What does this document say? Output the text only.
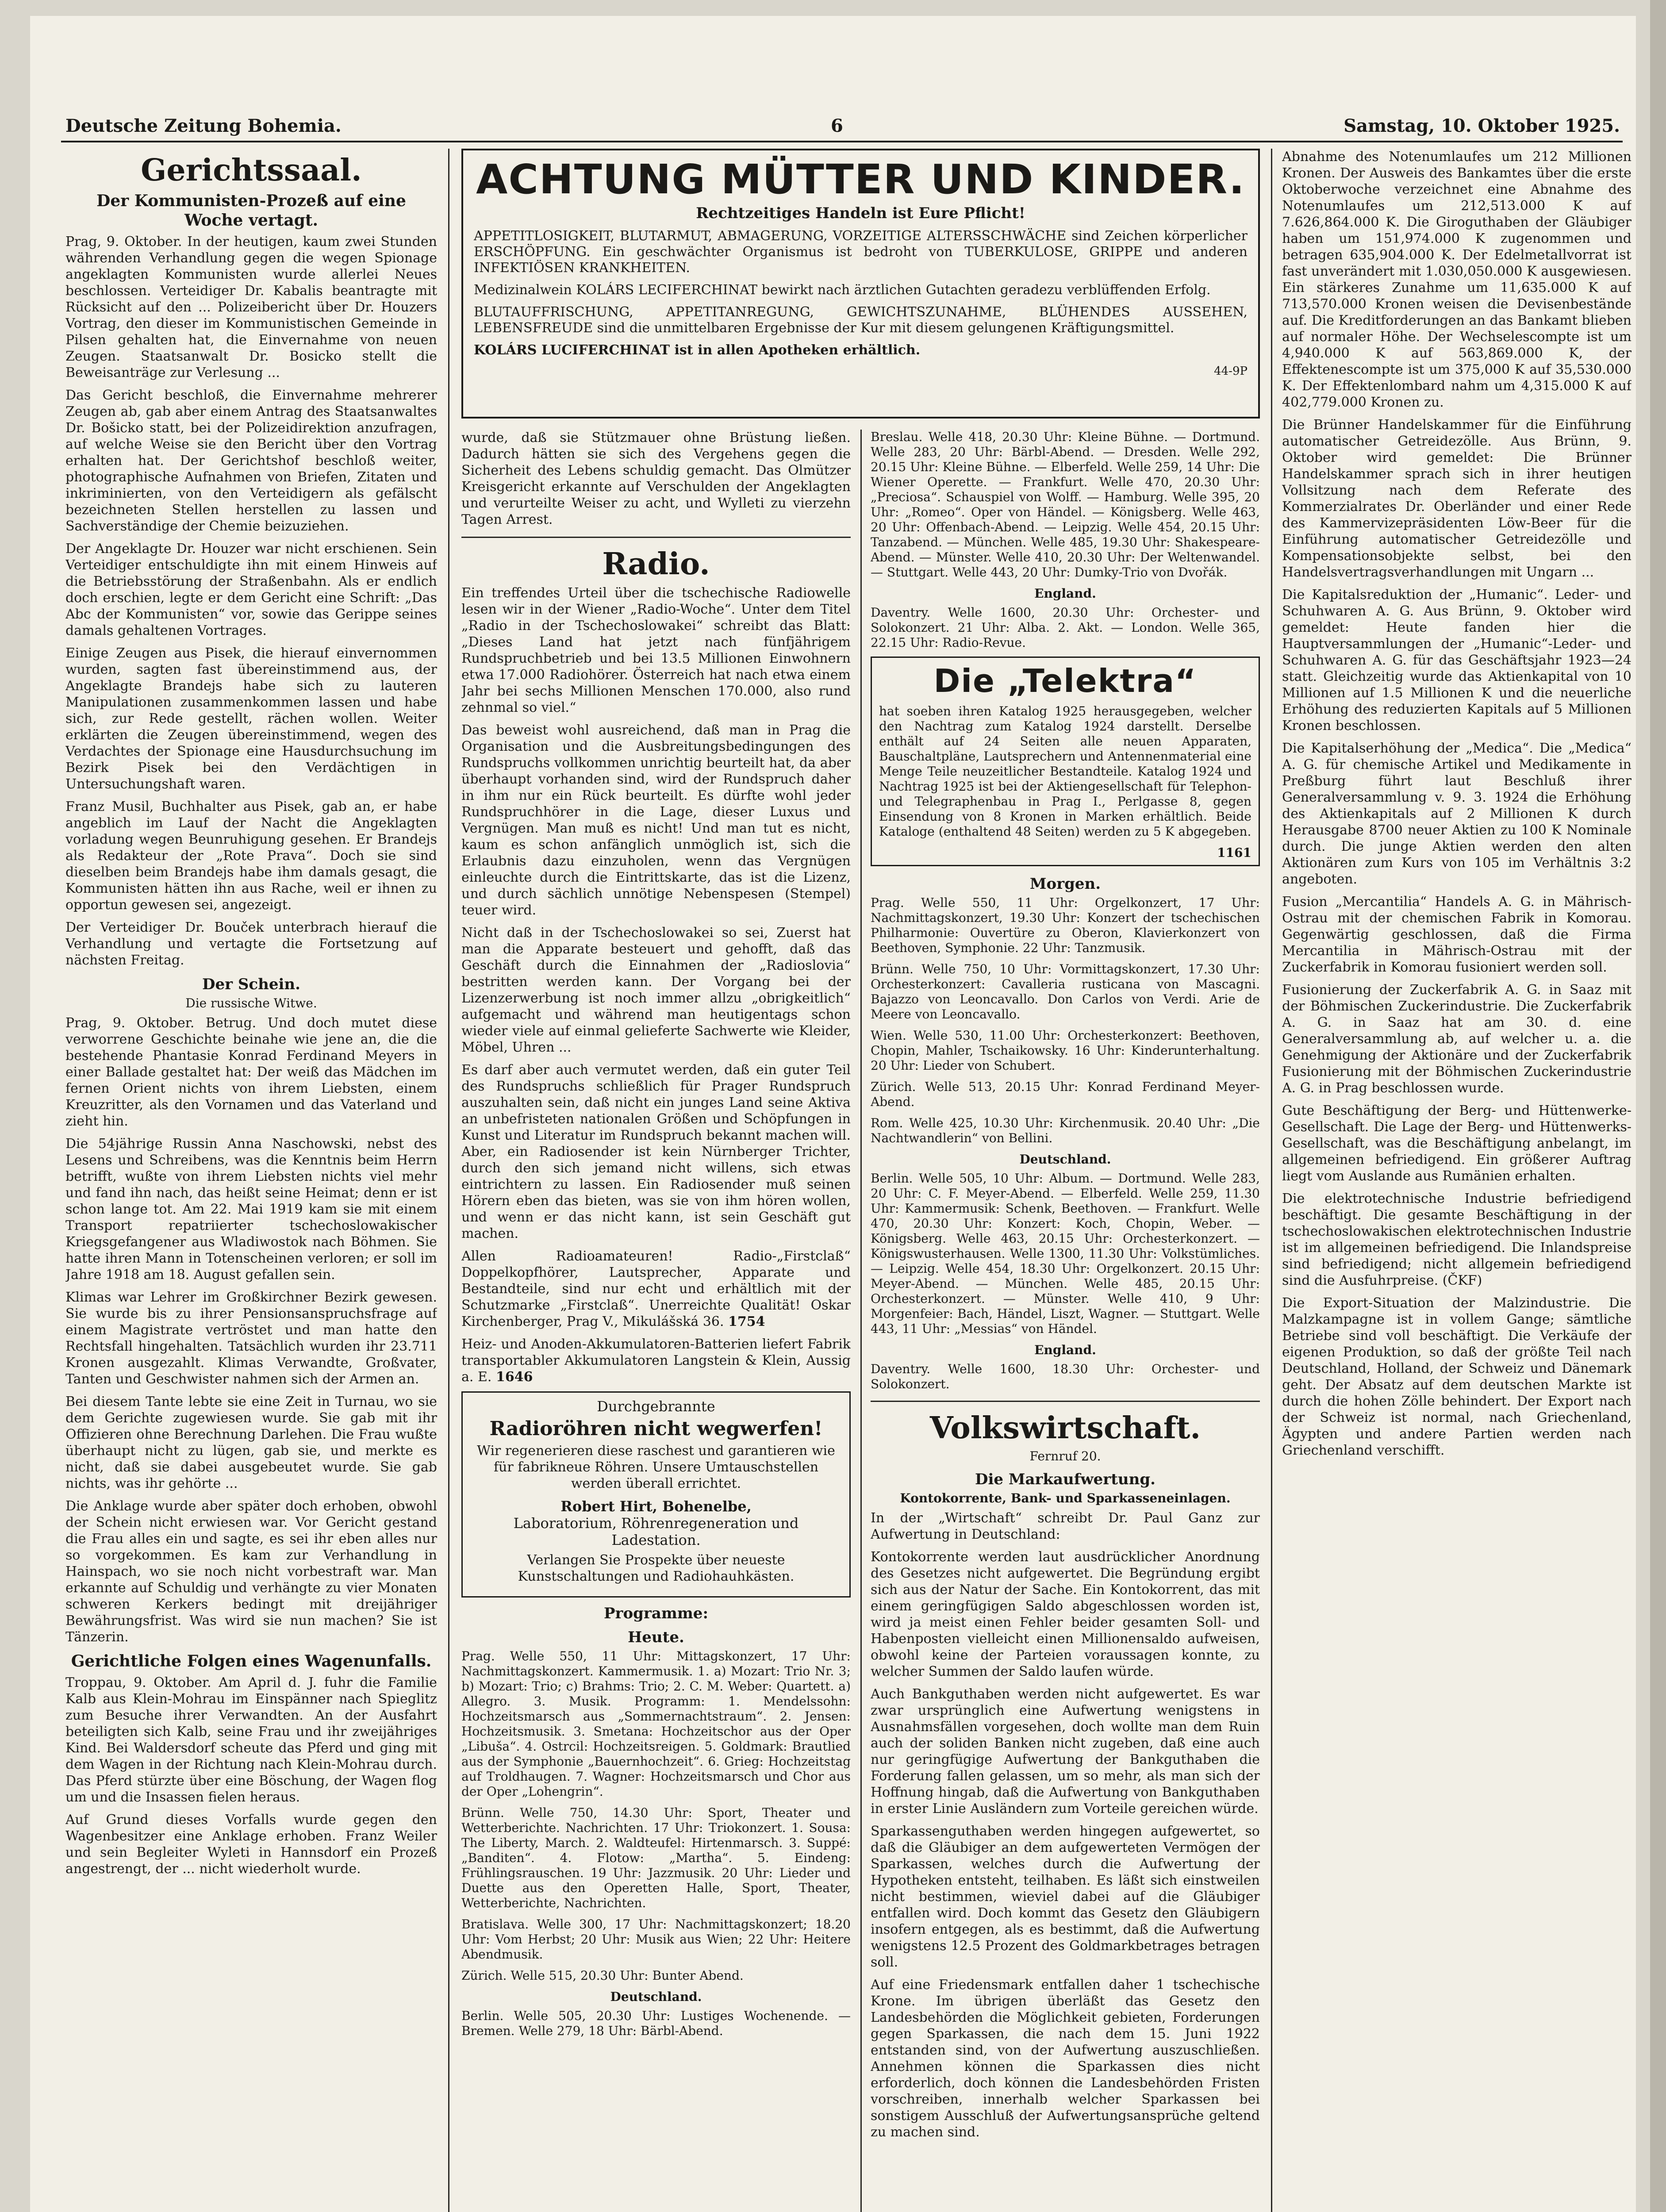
Deutsche Zeitung Bohemia.	6	Samstag, 10. Oktober 1925.
Gerichtssaal.
Der Kommunisten-Prozeß auf eine Woche vertagt.

Prag, 9. Oktober. In der heutigen, kaum zwei Stunden währenden Verhandlung gegen die wegen Spionage angeklagten Kommunisten wurde allerlei Neues beschlossen. Verteidiger Dr. Kabalis beantragte mit Rücksicht auf den ... Polizeibericht über Dr. Houzers Vortrag, den dieser im Kommunistischen Gemeinde in Pilsen gehalten hat, die Einvernahme von neuen Zeugen. Staatsanwalt Dr. Bosicko stellt die Beweisanträge zur Verlesung ...

Das Gericht beschloß, die Einvernahme mehrerer Zeugen ab, gab aber einem Antrag des Staatsanwaltes Dr. Bošicko statt, bei der Polizeidirektion anzufragen, auf welche Weise sie den Bericht über den Vortrag erhalten hat. Der Gerichtshof beschloß weiter, photographische Aufnahmen von Briefen, Zitaten und inkriminierten, von den Verteidigern als gefälscht bezeichneten Stellen herstellen zu lassen und Sachverständige der Chemie beizuziehen.

Der Angeklagte Dr. Houzer war nicht erschienen. Sein Verteidiger entschuldigte ihn mit einem Hinweis auf die Betriebsstörung der Straßenbahn. Als er endlich doch erschien, legte er dem Gericht eine Schrift: „Das Abc der Kommunisten“ vor, sowie das Gerippe seines damals gehaltenen Vortrages.

Einige Zeugen aus Pisek, die hierauf einvernommen wurden, sagten fast übereinstimmend aus, der Angeklagte Brandejs habe sich zu lauteren Manipulationen zusammenkommen lassen und habe sich, zur Rede gestellt, rächen wollen. Weiter erklärten die Zeugen übereinstimmend, wegen des Verdachtes der Spionage eine Hausdurchsuchung im Bezirk Pisek bei den Verdächtigen in Untersuchungshaft waren.

Franz Musil, Buchhalter aus Pisek, gab an, er habe angeblich im Lauf der Nacht die Angeklagten vorladung wegen Beunruhigung gesehen. Er Brandejs als Redakteur der „Rote Prava“. Doch sie sind dieselben beim Brandejs habe ihm damals gesagt, die Kommunisten hätten ihn aus Rache, weil er ihnen zu opportun gewesen sei, angezeigt.

Der Verteidiger Dr. Bouček unterbrach hierauf die Verhandlung und vertagte die Fortsetzung auf nächsten Freitag.

Der Schein.
Die russische Witwe.

Prag, 9. Oktober. Betrug. Und doch mutet diese verworrene Geschichte beinahe wie jene an, die die bestehende Phantasie Konrad Ferdinand Meyers in einer Ballade gestaltet hat: Der weiß das Mädchen im fernen Orient nichts von ihrem Liebsten, einem Kreuzritter, als den Vornamen und das Vaterland und zieht hin.

Die 54jährige Russin Anna Naschowski, nebst des Lesens und Schreibens, was die Kenntnis beim Herrn betrifft, wußte von ihrem Liebsten nichts viel mehr und fand ihn nach, das heißt seine Heimat; denn er ist schon lange tot. Am 22. Mai 1919 kam sie mit einem Transport repatriierter tschechoslowakischer Kriegsgefangener aus Wladiwostok nach Böhmen. Sie hatte ihren Mann in Totenscheinen verloren; er soll im Jahre 1918 am 18. August gefallen sein.

Klimas war Lehrer im Großkirchner Bezirk gewesen. Sie wurde bis zu ihrer Pensionsanspruchsfrage auf einem Magistrate vertröstet und man hatte den Rechtsfall hingehalten. Tatsächlich wurden ihr 23.711 Kronen ausgezahlt. Klimas Verwandte, Großvater, Tanten und Geschwister nahmen sich der Armen an.

Bei diesem Tante lebte sie eine Zeit in Turnau, wo sie dem Gerichte zugewiesen wurde. Sie gab mit ihr Offizieren ohne Berechnung Darlehen. Die Frau wußte überhaupt nicht zu lügen, gab sie, und merkte es nicht, daß sie dabei ausgebeutet wurde. Sie gab nichts, was ihr gehörte ...

Die Anklage wurde aber später doch erhoben, obwohl der Schein nicht erwiesen war. Vor Gericht gestand die Frau alles ein und sagte, es sei ihr eben alles nur so vorgekommen. Es kam zur Verhandlung in Hainspach, wo sie noch nicht vorbestraft war. Man erkannte auf Schuldig und verhängte zu vier Monaten schweren Kerkers bedingt mit dreijähriger Bewährungsfrist. Was wird sie nun machen? Sie ist Tänzerin.

Gerichtliche Folgen eines Wagenunfalls.

Troppau, 9. Oktober. Am April d. J. fuhr die Familie Kalb aus Klein-Mohrau im Einspänner nach Spieglitz zum Besuche ihrer Verwandten. An der Ausfahrt beteiligten sich Kalb, seine Frau und ihr zweijähriges Kind. Bei Waldersdorf scheute das Pferd und ging mit dem Wagen in der Richtung nach Klein-Mohrau durch. Das Pferd stürzte über eine Böschung, der Wagen flog um und die Insassen fielen heraus.

Auf Grund dieses Vorfalls wurde gegen den Wagenbesitzer eine Anklage erhoben. Franz Weiler und sein Begleiter Wyleti in Hannsdorf ein Prozeß angestrengt, der ... nicht wiederholt wurde.

ACHTUNG MÜTTER UND KINDER.
Rechtzeitiges Handeln ist Eure Pflicht!

APPETITLOSIGKEIT, BLUTARMUT, ABMAGERUNG, VORZEITIGE ALTERSSCHWÄCHE sind Zeichen körperlicher ERSCHÖPFUNG. Ein geschwächter Organismus ist bedroht von TUBERKULOSE, GRIPPE und anderen INFEKTIÖSEN KRANKHEITEN.

Medizinalwein KOLÁRS LECIFERCHINAT bewirkt nach ärztlichen Gutachten geradezu verblüffenden Erfolg.

BLUTAUFFRISCHUNG, APPETITANREGUNG, GEWICHTSZUNAHME, BLÜHENDES AUSSEHEN, LEBENSFREUDE sind die unmittelbaren Ergebnisse der Kur mit diesem gelungenen Kräftigungsmittel.

KOLÁRS LUCIFERCHINAT ist in allen Apotheken erhältlich.

44-9P

wurde, daß sie Stützmauer ohne Brüstung ließen. Dadurch hätten sie sich des Vergehens gegen die Sicherheit des Lebens schuldig gemacht. Das Olmützer Kreisgericht erkannte auf Verschulden der Angeklagten und verurteilte Weiser zu acht, und Wylleti zu vierzehn Tagen Arrest.

Radio.

Ein treffendes Urteil über die tschechische Radiowelle lesen wir in der Wiener „Radio-Woche“. Unter dem Titel „Radio in der Tschechoslowakei“ schreibt das Blatt: „Dieses Land hat jetzt nach fünfjährigem Rundspruchbetrieb und bei 13.5 Millionen Einwohnern etwa 17.000 Radiohörer. Österreich hat nach etwa einem Jahr bei sechs Millionen Menschen 170.000, also rund zehnmal so viel.“

Das beweist wohl ausreichend, daß man in Prag die Organisation und die Ausbreitungsbedingungen des Rundspruchs vollkommen unrichtig beurteilt hat, da aber überhaupt vorhanden sind, wird der Rundspruch daher in ihm nur ein Rück beurteilt. Es dürfte wohl jeder Rundspruchhörer in die Lage, dieser Luxus und Vergnügen. Man muß es nicht! Und man tut es nicht, kaum es schon anfänglich unmöglich ist, sich die Erlaubnis dazu einzuholen, wenn das Vergnügen einleuchte durch die Eintrittskarte, das ist die Lizenz, und durch sächlich unnötige Nebenspesen (Stempel) teuer wird.

Nicht daß in der Tschechoslowakei so sei, Zuerst hat man die Apparate besteuert und gehofft, daß das Geschäft durch die Einnahmen der „Radioslovia“ bestritten werden kann. Der Vorgang bei der Lizenzerwerbung ist noch immer allzu „obrigkeitlich“ aufgemacht und während man heutigentags schon wieder viele auf einmal gelieferte Sachwerte wie Kleider, Möbel, Uhren ...

Es darf aber auch vermutet werden, daß ein guter Teil des Rundspruchs schließlich für Prager Rundspruch auszuhalten sein, daß nicht ein junges Land seine Aktiva an unbefristeten nationalen Größen und Schöpfungen in Kunst und Literatur im Rundspruch bekannt machen will. Aber, ein Radiosender ist kein Nürnberger Trichter, durch den sich jemand nicht willens, sich etwas eintrichtern zu lassen. Ein Radiosender muß seinen Hörern eben das bieten, was sie von ihm hören wollen, und wenn er das nicht kann, ist sein Geschäft gut machen.

Allen Radioamateuren! Radio-„Firstclaß“ Doppelkopfhörer, Lautsprecher, Apparate und Bestandteile, sind nur echt und erhältlich mit der Schutzmarke „Firstclaß“. Unerreichte Qualität! Oskar Kirchenberger, Prag V., Mikulášská 36. 1754

Heiz- und Anoden-Akkumulatoren-Batterien liefert Fabrik transportabler Akkumulatoren Langstein & Klein, Aussig a. E. 1646

Durchgebrannte
Radioröhren nicht wegwerfen!

Wir regenerieren diese raschest und garantieren wie für fabrikneue Röhren. Unsere Umtauschstellen werden überall errichtet.

Robert Hirt, Bohenelbe,
Laboratorium, Röhrenregeneration und Ladestation.

Verlangen Sie Prospekte über neueste Kunstschaltungen und Radiohauhkästen.

Programme:
Heute.

Prag. Welle 550, 11 Uhr: Mittagskonzert, 17 Uhr: Nachmittagskonzert. Kammermusik. 1. a) Mozart: Trio Nr. 3; b) Mozart: Trio; c) Brahms: Trio; 2. C. M. Weber: Quartett. a) Allegro. 3. Musik. Programm: 1. Mendelssohn: Hochzeitsmarsch aus „Sommernachtstraum“. 2. Jensen: Hochzeitsmusik. 3. Smetana: Hochzeitschor aus der Oper „Libuša“. 4. Ostrcil: Hochzeitsreigen. 5. Goldmark: Brautlied aus der Symphonie „Bauernhochzeit“. 6. Grieg: Hochzeitstag auf Troldhaugen. 7. Wagner: Hochzeitsmarsch und Chor aus der Oper „Lohengrin“.

Brünn. Welle 750, 14.30 Uhr: Sport, Theater und Wetterberichte. Nachrichten. 17 Uhr: Triokonzert. 1. Sousa: The Liberty, March. 2. Waldteufel: Hirtenmarsch. 3. Suppé: „Banditen“. 4. Flotow: „Martha“. 5. Eindeng: Frühlingsrauschen. 19 Uhr: Jazzmusik. 20 Uhr: Lieder und Duette aus den Operetten Halle, Sport, Theater, Wetterberichte, Nachrichten.

Bratislava. Welle 300, 17 Uhr: Nachmittagskonzert; 18.20 Uhr: Vom Herbst; 20 Uhr: Musik aus Wien; 22 Uhr: Heitere Abendmusik.

Zürich. Welle 515, 20.30 Uhr: Bunter Abend.

Deutschland.

Berlin. Welle 505, 20.30 Uhr: Lustiges Wochenende. — Bremen. Welle 279, 18 Uhr: Bärbl-Abend.

Breslau. Welle 418, 20.30 Uhr: Kleine Bühne. — Dortmund. Welle 283, 20 Uhr: Bärbl-Abend. — Dresden. Welle 292, 20.15 Uhr: Kleine Bühne. — Elberfeld. Welle 259, 14 Uhr: Die Wiener Operette. — Frankfurt. Welle 470, 20.30 Uhr: „Preciosa“. Schauspiel von Wolff. — Hamburg. Welle 395, 20 Uhr: „Romeo“. Oper von Händel. — Königsberg. Welle 463, 20 Uhr: Offenbach-Abend. — Leipzig. Welle 454, 20.15 Uhr: Tanzabend. — München. Welle 485, 19.30 Uhr: Shakespeare-Abend. — Münster. Welle 410, 20.30 Uhr: Der Weltenwandel. — Stuttgart. Welle 443, 20 Uhr: Dumky-Trio von Dvořák.

England.

Daventry. Welle 1600, 20.30 Uhr: Orchester- und Solokonzert. 21 Uhr: Alba. 2. Akt. — London. Welle 365, 22.15 Uhr: Radio-Revue.

Die „Telektra“

hat soeben ihren Katalog 1925 herausgegeben, welcher den Nachtrag zum Katalog 1924 darstellt. Derselbe enthält auf 24 Seiten alle neuen Apparaten, Bauschaltpläne, Lautsprechern und Antennenmaterial eine Menge Teile neuzeitlicher Bestandteile. Katalog 1924 und Nachtrag 1925 ist bei der Aktiengesellschaft für Telephon- und Telegraphenbau in Prag I., Perlgasse 8, gegen Einsendung von 8 Kronen in Marken erhältlich. Beide Kataloge (enthaltend 48 Seiten) werden zu 5 K abgegeben.

1161

Morgen.

Prag. Welle 550, 11 Uhr: Orgelkonzert, 17 Uhr: Nachmittagskonzert, 19.30 Uhr: Konzert der tschechischen Philharmonie: Ouvertüre zu Oberon, Klavierkonzert von Beethoven, Symphonie. 22 Uhr: Tanzmusik.

Brünn. Welle 750, 10 Uhr: Vormittagskonzert, 17.30 Uhr: Orchesterkonzert: Cavalleria rusticana von Mascagni. Bajazzo von Leoncavallo. Don Carlos von Verdi. Arie de Meere von Leoncavallo.

Wien. Welle 530, 11.00 Uhr: Orchesterkonzert: Beethoven, Chopin, Mahler, Tschaikowsky. 16 Uhr: Kinderunterhaltung. 20 Uhr: Lieder von Schubert.

Zürich. Welle 513, 20.15 Uhr: Konrad Ferdinand Meyer-Abend.

Rom. Welle 425, 10.30 Uhr: Kirchenmusik. 20.40 Uhr: „Die Nachtwandlerin“ von Bellini.

Deutschland.

Berlin. Welle 505, 10 Uhr: Album. — Dortmund. Welle 283, 20 Uhr: C. F. Meyer-Abend. — Elberfeld. Welle 259, 11.30 Uhr: Kammermusik: Schenk, Beethoven. — Frankfurt. Welle 470, 20.30 Uhr: Konzert: Koch, Chopin, Weber. — Königsberg. Welle 463, 20.15 Uhr: Orchesterkonzert. — Königswusterhausen. Welle 1300, 11.30 Uhr: Volkstümliches. — Leipzig. Welle 454, 18.30 Uhr: Orgelkonzert. 20.15 Uhr: Meyer-Abend. — München. Welle 485, 20.15 Uhr: Orchesterkonzert. — Münster. Welle 410, 9 Uhr: Morgenfeier: Bach, Händel, Liszt, Wagner. — Stuttgart. Welle 443, 11 Uhr: „Messias“ von Händel.

England.

Daventry. Welle 1600, 18.30 Uhr: Orchester- und Solokonzert.

Volkswirtschaft.
Fernruf 20.
Die Markaufwertung.
Kontokorrente, Bank- und Sparkasseneinlagen.

In der „Wirtschaft“ schreibt Dr. Paul Ganz zur Aufwertung in Deutschland:

Kontokorrente werden laut ausdrücklicher Anordnung des Gesetzes nicht aufgewertet. Die Begründung ergibt sich aus der Natur der Sache. Ein Kontokorrent, das mit einem geringfügigen Saldo abgeschlossen worden ist, wird ja meist einen Fehler beider gesamten Soll- und Habenposten vielleicht einen Millionensaldo aufweisen, obwohl keine der Parteien voraussagen konnte, zu welcher Summen der Saldo laufen würde.

Auch Bankguthaben werden nicht aufgewertet. Es war zwar ursprünglich eine Aufwertung wenigstens in Ausnahmsfällen vorgesehen, doch wollte man dem Ruin auch der soliden Banken nicht zugeben, daß eine auch nur geringfügige Aufwertung der Bankguthaben die Forderung fallen gelassen, um so mehr, als man sich der Hoffnung hingab, daß die Aufwertung von Bankguthaben in erster Linie Ausländern zum Vorteile gereichen würde.

Sparkassenguthaben werden hingegen aufgewertet, so daß die Gläubiger an dem aufgewerteten Vermögen der Sparkassen, welches durch die Aufwertung der Hypotheken entsteht, teilhaben. Es läßt sich einstweilen nicht bestimmen, wieviel dabei auf die Gläubiger entfallen wird. Doch kommt das Gesetz den Gläubigern insofern entgegen, als es bestimmt, daß die Aufwertung wenigstens 12.5 Prozent des Goldmarkbetrages betragen soll.

Auf eine Friedensmark entfallen daher 1 tschechische Krone. Im übrigen überläßt das Gesetz den Landesbehörden die Möglichkeit gebieten, Forderungen gegen Sparkassen, die nach dem 15. Juni 1922 entstanden sind, von der Aufwertung auszuschließen. Annehmen können die Sparkassen dies nicht erforderlich, doch können die Landesbehörden Fristen vorschreiben, innerhalb welcher Sparkassen bei sonstigem Ausschluß der Aufwertungsansprüche geltend zu machen sind.

Abnahme des Notenumlaufes um 212 Millionen Kronen. Der Ausweis des Bankamtes über die erste Oktoberwoche verzeichnet eine Abnahme des Notenumlaufes um 212,513.000 K auf 7.626,864.000 K. Die Giroguthaben der Gläubiger haben um 151,974.000 K zugenommen und betragen 635,904.000 K. Der Edelmetallvorrat ist fast unverändert mit 1.030,050.000 K ausgewiesen. Ein stärkeres Zunahme um 11,635.000 K auf 713,570.000 Kronen weisen die Devisenbestände auf. Die Kreditforderungen an das Bankamt blieben auf normaler Höhe. Der Wechselescompte ist um 4,940.000 K auf 563,869.000 K, der Effektenescompte ist um 375,000 K auf 35,530.000 K. Der Effektenlombard nahm um 4,315.000 K auf 402,779.000 Kronen zu.

Die Brünner Handelskammer für die Einführung automatischer Getreidezölle. Aus Brünn, 9. Oktober wird gemeldet: Die Brünner Handelskammer sprach sich in ihrer heutigen Vollsitzung nach dem Referate des Kommerzialrates Dr. Oberländer und einer Rede des Kammervizepräsidenten Löw-Beer für die Einführung automatischer Getreidezölle und Kompensationsobjekte selbst, bei den Handelsvertragsverhandlungen mit Ungarn ...

Die Kapitalsreduktion der „Humanic“. Leder- und Schuhwaren A. G. Aus Brünn, 9. Oktober wird gemeldet: Heute fanden hier die Hauptversammlungen der „Humanic“-Leder- und Schuhwaren A. G. für das Geschäftsjahr 1923—24 statt. Gleichzeitig wurde das Aktienkapital von 10 Millionen auf 1.5 Millionen K und die neuerliche Erhöhung des reduzierten Kapitals auf 5 Millionen Kronen beschlossen.

Die Kapitalserhöhung der „Medica“. Die „Medica“ A. G. für chemische Artikel und Medikamente in Preßburg führt laut Beschluß ihrer Generalversammlung v. 9. 3. 1924 die Erhöhung des Aktienkapitals auf 2 Millionen K durch Herausgabe 8700 neuer Aktien zu 100 K Nominale durch. Die junge Aktien werden den alten Aktionären zum Kurs von 105 im Verhältnis 3:2 angeboten.

Fusion „Mercantilia“ Handels A. G. in Mährisch-Ostrau mit der chemischen Fabrik in Komorau. Gegenwärtig geschlossen, daß die Firma Mercantilia in Mährisch-Ostrau mit der Zuckerfabrik in Komorau fusioniert werden soll.

Fusionierung der Zuckerfabrik A. G. in Saaz mit der Böhmischen Zuckerindustrie. Die Zuckerfabrik A. G. in Saaz hat am 30. d. eine Generalversammlung ab, auf welcher u. a. die Genehmigung der Aktionäre und der Zuckerfabrik Fusionierung mit der Böhmischen Zuckerindustrie A. G. in Prag beschlossen wurde.

Gute Beschäftigung der Berg- und Hüttenwerke-Gesellschaft. Die Lage der Berg- und Hüttenwerks-Gesellschaft, was die Beschäftigung anbelangt, im allgemeinen befriedigend. Ein größerer Auftrag liegt vom Auslande aus Rumänien erhalten.

Die elektrotechnische Industrie befriedigend beschäftigt. Die gesamte Beschäftigung in der tschechoslowakischen elektrotechnischen Industrie ist im allgemeinen befriedigend. Die Inlandspreise sind befriedigend; nicht allgemein befriedigend sind die Ausfuhrpreise. (ČKF)

Die Export-Situation der Malzindustrie. Die Malzkampagne ist in vollem Gange; sämtliche Betriebe sind voll beschäftigt. Die Verkäufe der eigenen Produktion, so daß der größte Teil nach Deutschland, Holland, der Schweiz und Dänemark geht. Der Absatz auf dem deutschen Markte ist durch die hohen Zölle behindert. Der Export nach der Schweiz ist normal, nach Griechenland, Ägypten und andere Partien werden nach Griechenland verschifft.
